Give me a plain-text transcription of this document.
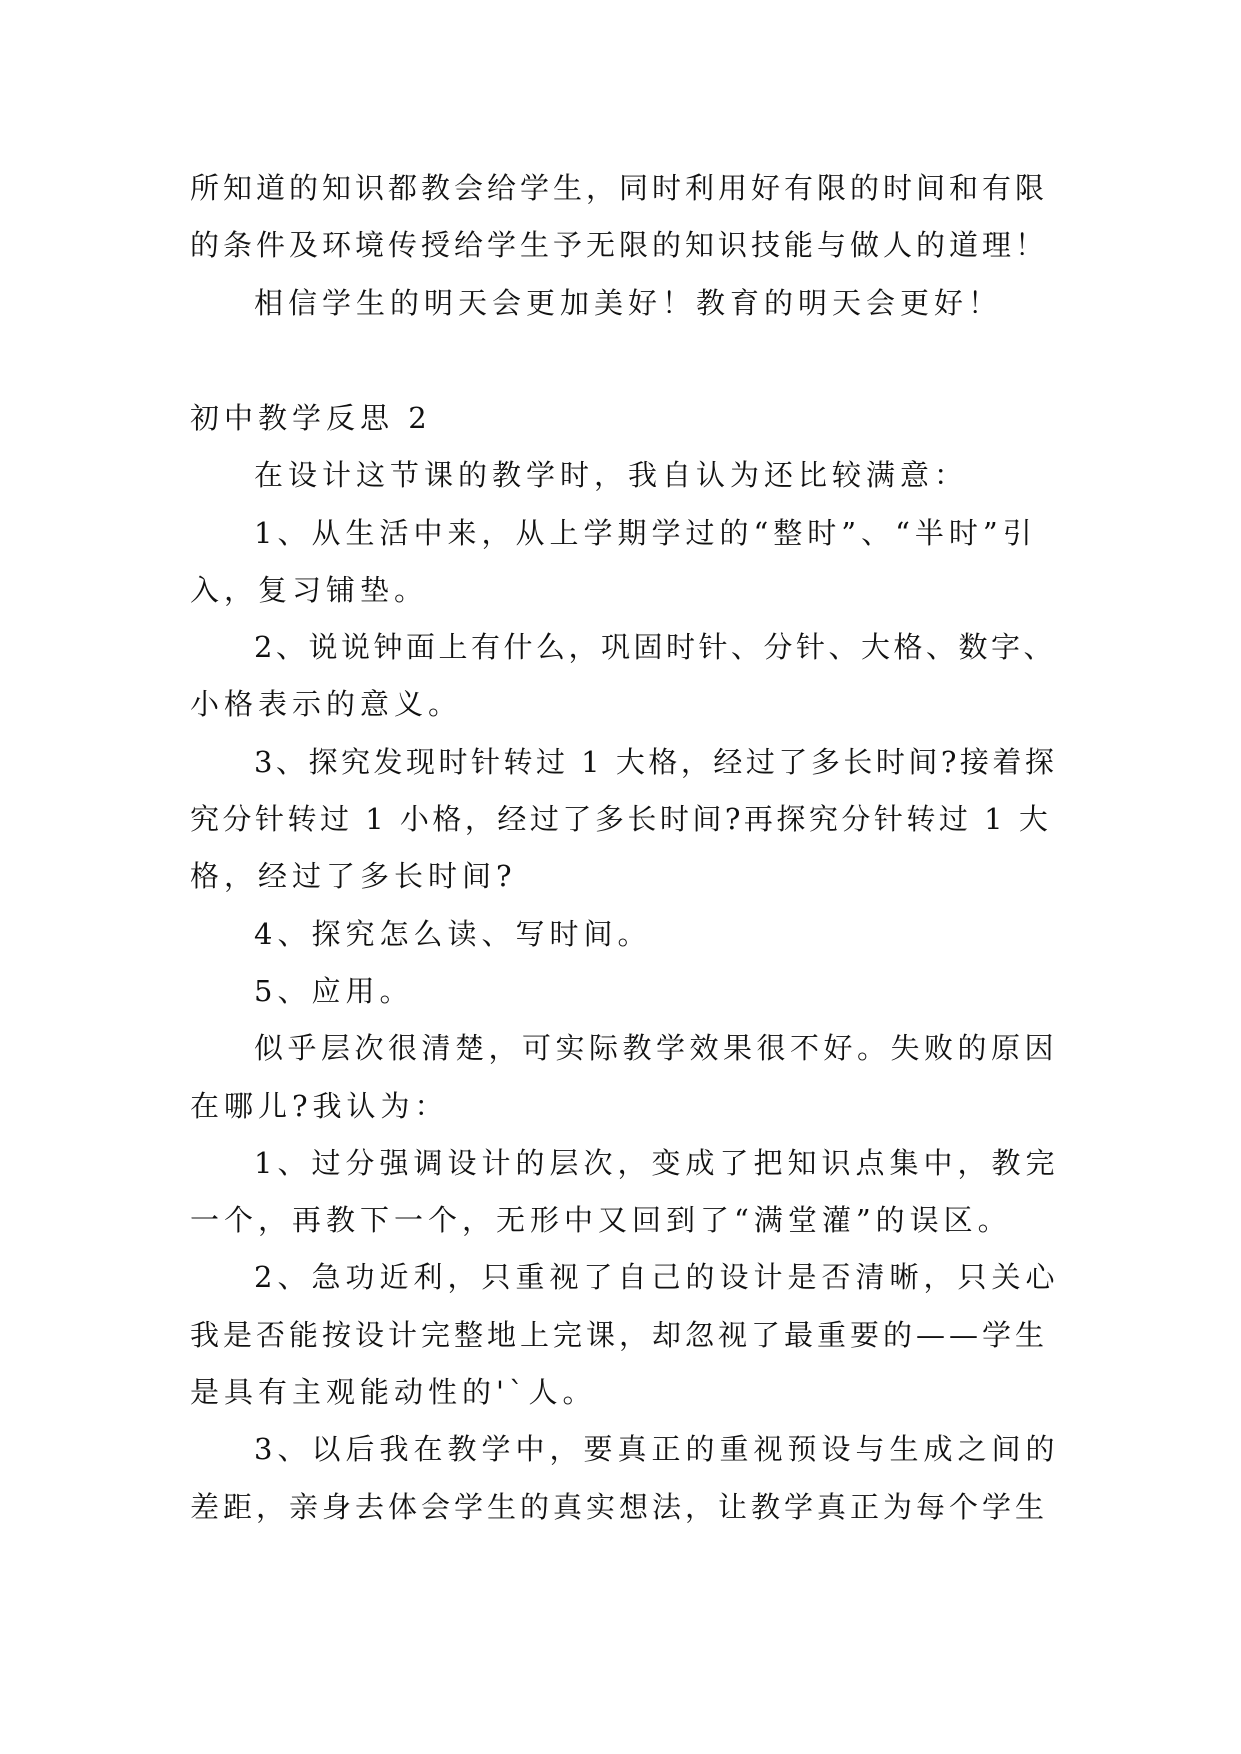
所知道的知识都教会给学生，同时利用好有限的时间和有限
的条件及环境传授给学生予无限的知识技能与做人的道理！
相信学生的明天会更加美好！教育的明天会更好！
初中教学反思 2
在设计这节课的教学时，我自认为还比较满意：
1、从生活中来，从上学期学过的“整时”、“半时”引
入，复习铺垫。
2、说说钟面上有什么，巩固时针、分针、大格、数字、
小格表示的意义。
3、探究发现时针转过 1 大格，经过了多长时间?接着探
究分针转过 1 小格，经过了多长时间?再探究分针转过 1 大
格，经过了多长时间?
4、探究怎么读、写时间。
5、应用。
似乎层次很清楚，可实际教学效果很不好。失败的原因
在哪儿?我认为：
1、过分强调设计的层次，变成了把知识点集中，教完
一个，再教下一个，无形中又回到了“满堂灌”的误区。
2、急功近利，只重视了自己的设计是否清晰，只关心
我是否能按设计完整地上完课，却忽视了最重要的——学生
是具有主观能动性的'`人。
3、以后我在教学中，要真正的重视预设与生成之间的
差距，亲身去体会学生的真实想法，让教学真正为每个学生
